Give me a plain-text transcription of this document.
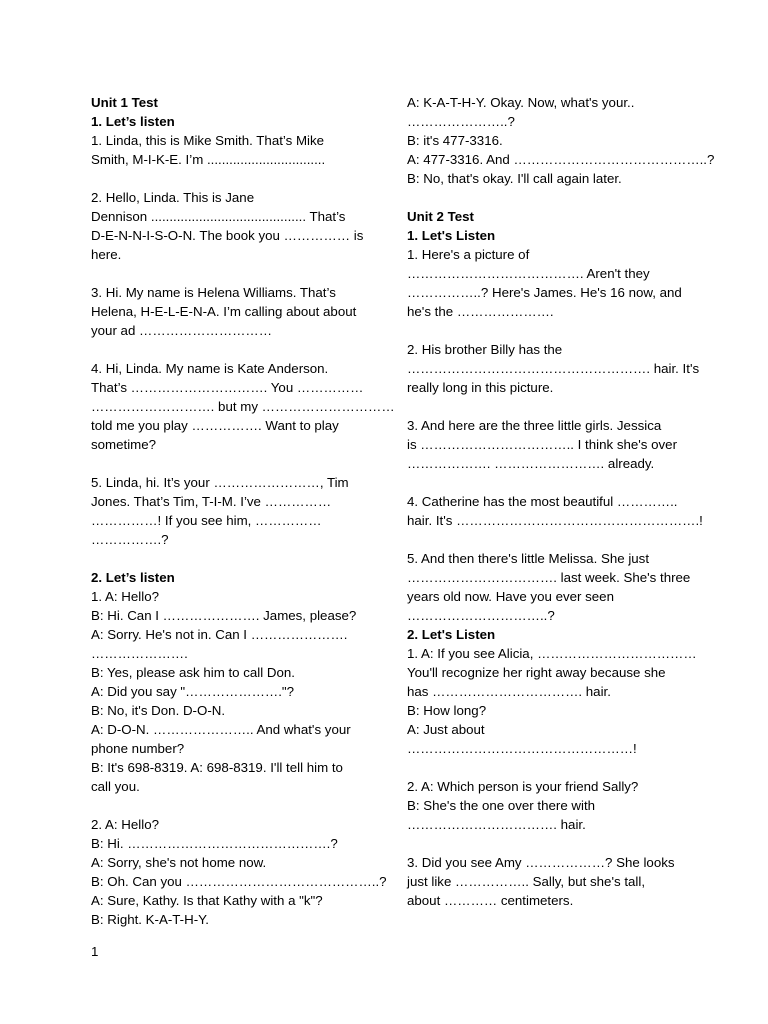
Unit 1 Test
1. Let’s listen
1. Linda, this is Mike Smith. That’s Mike
Smith, M-I-K-E. I’m ................................
2. Hello, Linda. This is Jane
Dennison .......................................... That’s
D-E-N-N-I-S-O-N. The book you …………… is
here.
3. Hi. My name is Helena Williams. That’s
Helena, H-E-L-E-N-A. I’m calling about about
your ad …………………………
4. Hi, Linda. My name is Kate Anderson.
That’s …………………………. You ……………
………………………. but my …………………………
told me you play ……………. Want to play
sometime?
5. Linda, hi. It’s your ……………………, Tim
Jones. That’s Tim, T-I-M. I’ve ……………
……………! If you see him, ……………
…………….?
2. Let’s listen
1. A: Hello?
B: Hi. Can I …………………. James, please?
A: Sorry. He's not in. Can I ………………….
………………….
B: Yes, please ask him to call Don.
A: Did you say "…………………."?
B: No, it's Don. D-O-N.
A: D-O-N. ………………….. And what's your
phone number?
B: It's 698-8319. A: 698-8319. I'll tell him to
call you.
2. A: Hello?
B: Hi. ……………………………………….?
A: Sorry, she's not home now.
B: Oh. Can you ……………………………………..?
A: Sure, Kathy. Is that Kathy with a "k"?
B: Right. K-A-T-H-Y.
A: K-A-T-H-Y. Okay. Now, what's your..
…………………..?
B: it's 477-3316.
A: 477-3316. And ……………………………………..?
B: No, that's okay. I'll call again later.
Unit 2 Test
1. Let's Listen
1. Here's a picture of
…………………………………. Aren't they
……………..? Here's James. He's 16 now, and
he's the ………………….
2. His brother Billy has the
………………………………………………. hair. It's
really long in this picture.
3. And here are the three little girls. Jessica
is …………………………….. I think she's over
………………. ……………………. already.
4. Catherine has the most beautiful …………..
hair. It's ……………………………………………….!
5. And then there's little Melissa. She just
……………………………. last week. She's three
years old now. Have you ever seen
…………………………..?
2. Let's Listen
1. A: If you see Alicia, ………………………………
You'll recognize her right away because she
has ……………………………. hair.
B: How long?
A: Just about
……………………………………………!
2. A: Which person is your friend Sally?
B: She's the one over there with
……………………………. hair.
3. Did you see Amy ………………? She looks
just like …………….. Sally, but she's tall,
about ………… centimeters.
1
